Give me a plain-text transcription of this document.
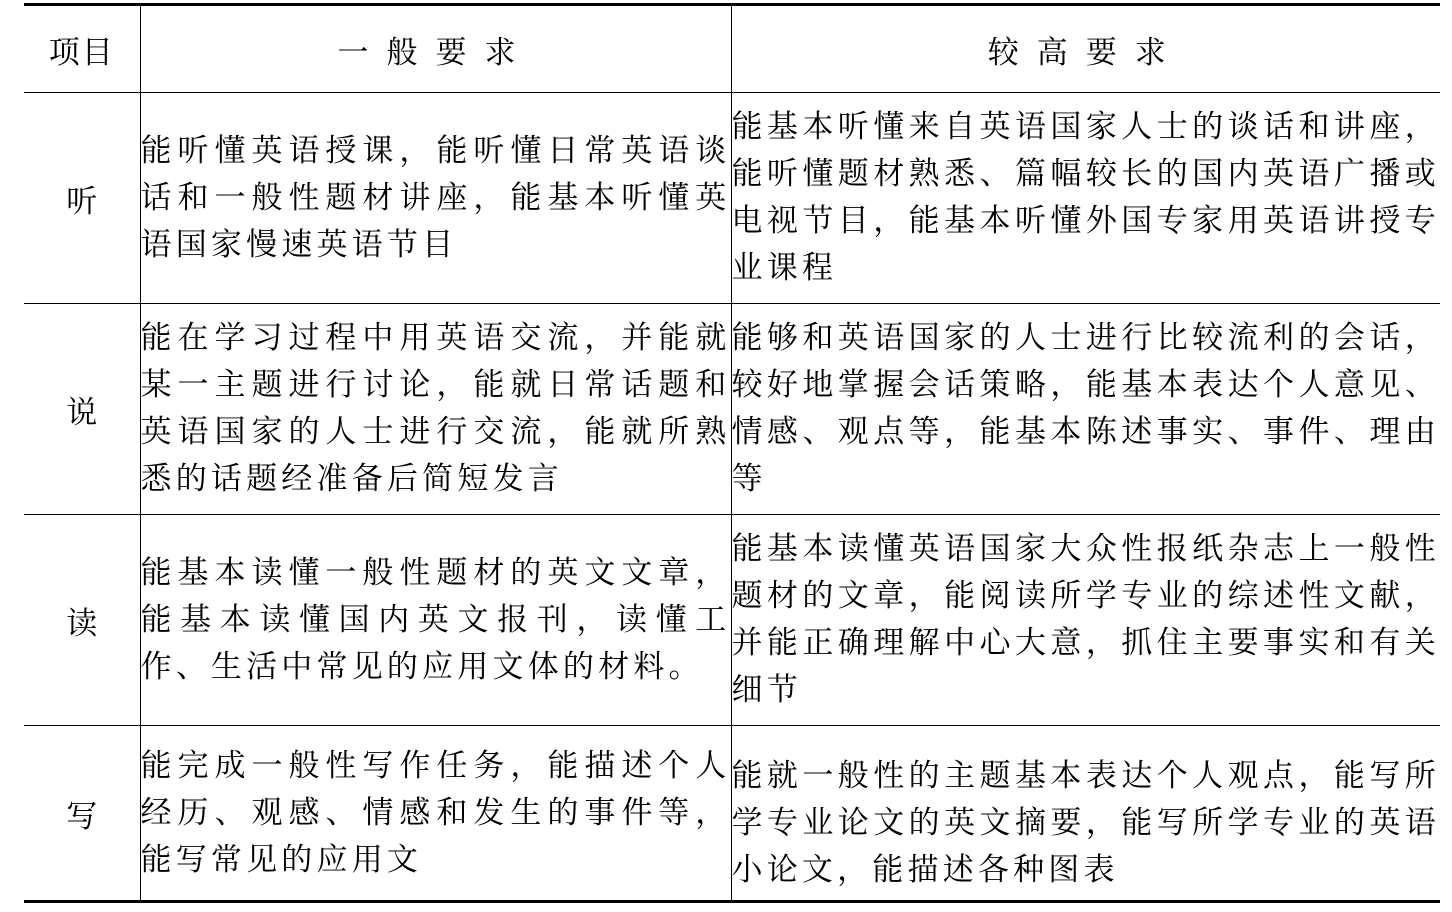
项目	一般要求	较高要求
听	能听懂英语授课，能听懂日常英语谈话和一般性题材讲座，能基本听懂英语国家慢速英语节目	能基本听懂来自英语国家人士的谈话和讲座，能听懂题材熟悉、篇幅较长的国内英语广播或电视节目，能基本听懂外国专家用英语讲授专业课程
说	能在学习过程中用英语交流，并能就某一主题进行讨论，能就日常话题和英语国家的人士进行交流，能就所熟悉的话题经准备后简短发言	能够和英语国家的人士进行比较流利的会话，较好地掌握会话策略，能基本表达个人意见、情感、观点等，能基本陈述事实、事件、理由等
读	能基本读懂一般性题材的英文文章，能基本读懂国内英文报刊，读懂工作、生活中常见的应用文体的材料。	能基本读懂英语国家大众性报纸杂志上一般性题材的文章，能阅读所学专业的综述性文献，并能正确理解中心大意，抓住主要事实和有关细节
写	能完成一般性写作任务，能描述个人经历、观感、情感和发生的事件等，能写常见的应用文	能就一般性的主题基本表达个人观点，能写所学专业论文的英文摘要，能写所学专业的英语小论文，能描述各种图表
